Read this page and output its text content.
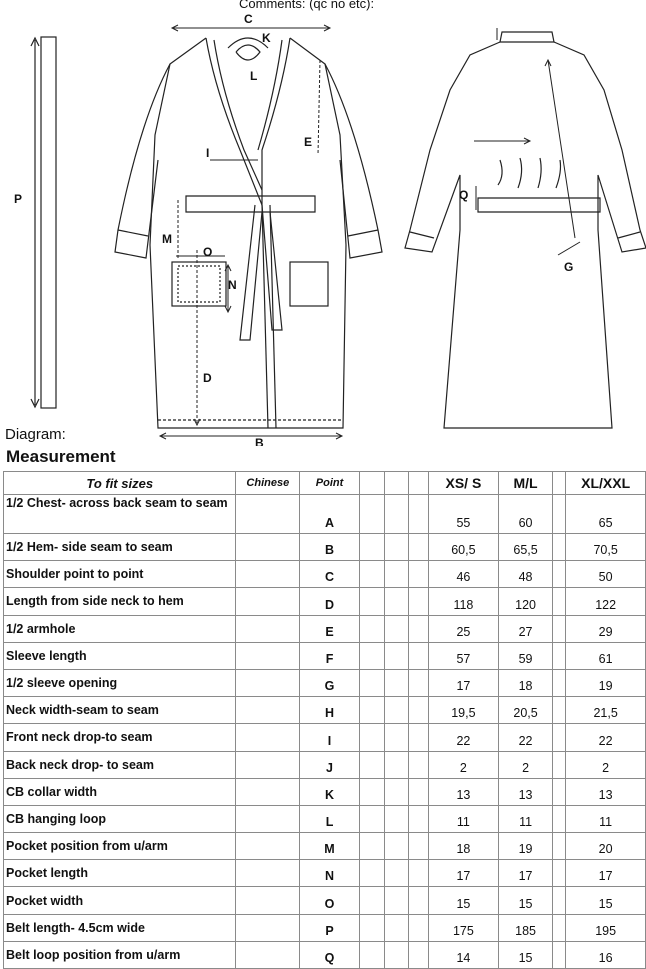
Comments: (qc no etc):
C
K
L
E
I
P
M
O
N
D
B
Q
G
Diagram:
Measurement
To fit sizes	Chinese	Point				XS/ S	M/L		XL/XXL
1/2 Chest- across back seam to seam		A				55	60		65
1/2 Hem- side seam to seam		B				60,5	65,5		70,5
Shoulder point to point		C				46	48		50
Length from side neck to hem		D				118	120		122
1/2 armhole		E				25	27		29
Sleeve length		F				57	59		61
1/2 sleeve opening		G				17	18		19
Neck width-seam to seam		H				19,5	20,5		21,5
Front neck drop-to seam		I				22	22		22
Back neck drop- to seam		J				2	2		2
CB collar width		K				13	13		13
CB hanging loop		L				11	11		11
Pocket position from u/arm		M				18	19		20
Pocket length		N				17	17		17
Pocket width		O				15	15		15
Belt length- 4.5cm wide		P				175	185		195
Belt loop position from u/arm		Q				14	15		16
